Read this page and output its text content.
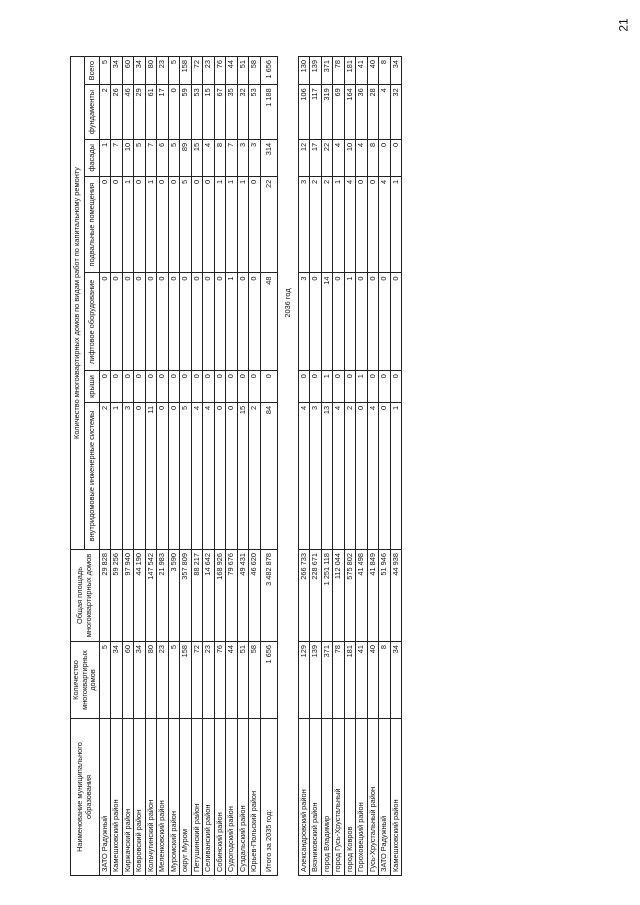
21
Наименование муниципального образования	Количество многоквартирных домов	Общая площадь многоквартирных домов	Количество многоквартирных домов по видам работ по капитальному ремонту						
			внутридомовые инженерные системы	крыши	лифтовое оборудование	подвальные помещения	фасады	фундаменты	Всего
ЗАТО Радужный	5	29 828	2	0	0	0	1	2	5
Камешковский район	34	59 256	1	0	0	0	7	26	34
Киржачский район	60	97 940	3	0	0	1	10	46	60
Ковровский район	34	44 190	0	0	0	0	5	29	34
Кольчугинский район	80	147 542	11	0	0	1	7	61	80
Меленковский район	23	21 983	0	0	0	0	6	17	23
Муромский район	5	3 590	0	0	0	0	5	0	5
округ Муром	158	357 809	5	0	0	5	89	59	158
Петушинский район	72	88 217	4	0	0	0	15	53	72
Селиванский район	23	14 642	4	0	0	0	4	15	23
Собинский район	76	168 926	0	0	0	1	8	67	76
Судогодский район	44	79 676	0	0	1	1	7	35	44
Суздальский район	51	49 431	15	0	0	1	3	32	51
Юрьев-Польский район	58	46 620	2	0	0	0	3	53	58
Итого за 2035 год:	1 656	3 482 878	84	0	48	22	314	1 188	1 656
			2036 год						
Александровский район	129	266 733	4	0	3	3	12	106	130
Вязниковский район	139	228 671	3	0	0	2	17	117	139
город Владимир	371	1 251 118	13	1	14	2	22	319	371
город Гусь-Хрустальный	78	112 044	4	0	0	1	4	69	78
город Ковров	181	575 802	2	0	1	4	10	164	181
Гороховецкий район	41	41 498	0	1	0	0	4	36	41
Гусь-Хрустальный район	40	41 849	4	0	0	0	8	28	40
ЗАТО Радужный	8	51 946	0	0	0	4	0	4	8
Камешковский район	34	44 938	1	0	0	1	0	32	34
